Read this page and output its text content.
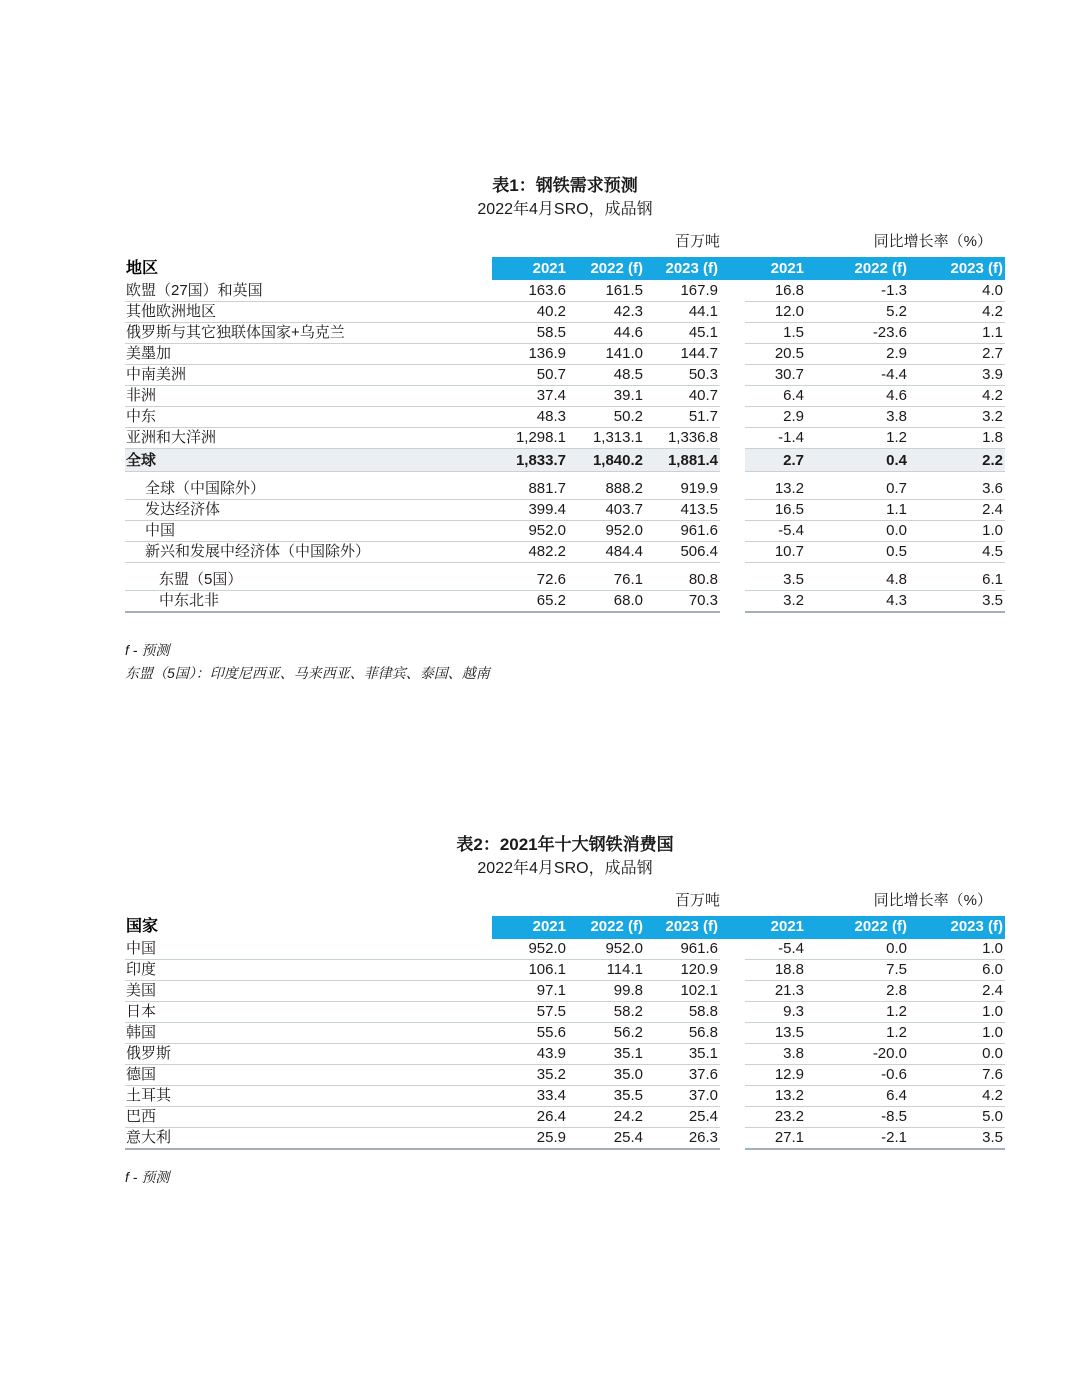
表1：钢铁需求预测
2022年4月SRO，成品钢
	百万吨				同比增长率（%）		
地区	2021	2022 (f)	2023 (f)		2021	2022 (f)	2023 (f)
欧盟（27国）和英国	163.6	161.5	167.9		16.8	-1.3	4.0
其他欧洲地区	40.2	42.3	44.1		12.0	5.2	4.2
俄罗斯与其它独联体国家+乌克兰	58.5	44.6	45.1		1.5	-23.6	1.1
美墨加	136.9	141.0	144.7		20.5	2.9	2.7
中南美洲	50.7	48.5	50.3		30.7	-4.4	3.9
非洲	37.4	39.1	40.7		6.4	4.6	4.2
中东	48.3	50.2	51.7		2.9	3.8	3.2
亚洲和大洋洲	1,298.1	1,313.1	1,336.8		-1.4	1.2	1.8
全球	1,833.7	1,840.2	1,881.4		2.7	0.4	2.2

全球（中国除外）	881.7	888.2	919.9		13.2	0.7	3.6
发达经济体	399.4	403.7	413.5		16.5	1.1	2.4
中国	952.0	952.0	961.6		-5.4	0.0	1.0
新兴和发展中经济体（中国除外）	482.2	484.4	506.4		10.7	0.5	4.5
东盟（5国）	72.6	76.1	80.8		3.5	4.8	6.1
中东北非	65.2	68.0	70.3		3.2	4.3	3.5
f - 预测
东盟（5国）：印度尼西亚、马来西亚、菲律宾、泰国、越南
表2：2021年十大钢铁消费国
2022年4月SRO，成品钢
	百万吨				同比增长率（%）		
国家	2021	2022 (f)	2023 (f)		2021	2022 (f)	2023 (f)
中国	952.0	952.0	961.6		-5.4	0.0	1.0
印度	106.1	114.1	120.9		18.8	7.5	6.0
美国	97.1	99.8	102.1		21.3	2.8	2.4
日本	57.5	58.2	58.8		9.3	1.2	1.0
韩国	55.6	56.2	56.8		13.5	1.2	1.0
俄罗斯	43.9	35.1	35.1		3.8	-20.0	0.0
德国	35.2	35.0	37.6		12.9	-0.6	7.6
土耳其	33.4	35.5	37.0		13.2	6.4	4.2
巴西	26.4	24.2	25.4		23.2	-8.5	5.0
意大利	25.9	25.4	26.3		27.1	-2.1	3.5
f - 预测
